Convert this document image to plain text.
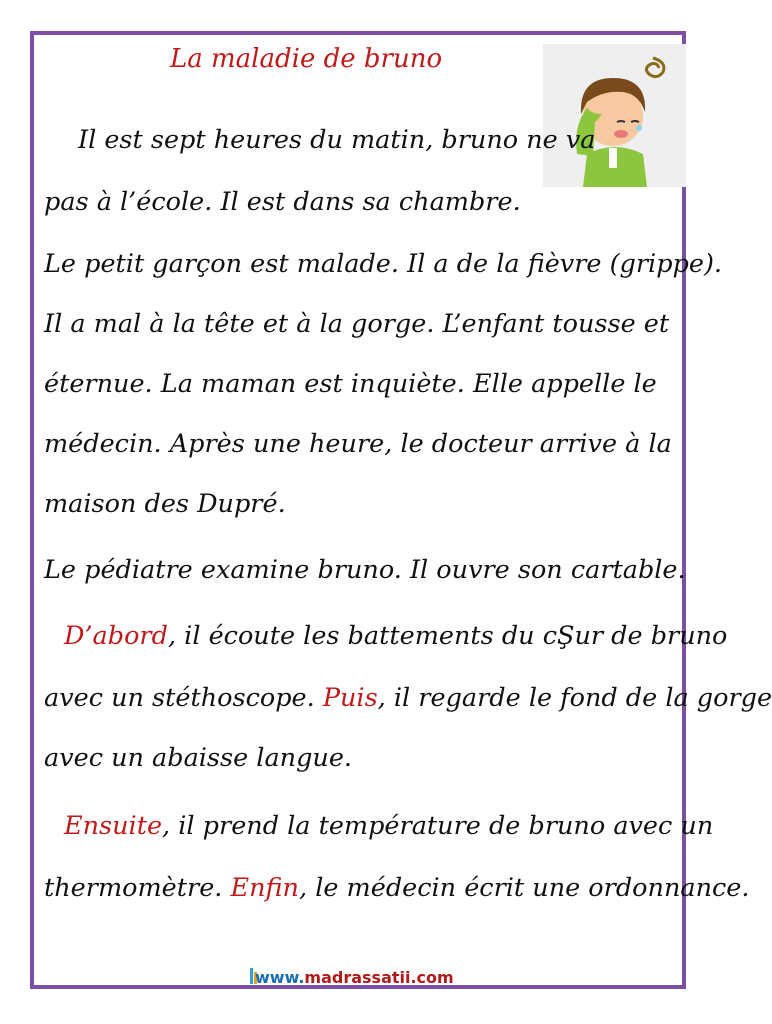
La maladie de bruno
Il est sept heures du matin, bruno ne va
pas à l’école. Il est dans sa chambre.
Le petit garçon est malade. Il a de la fièvre (grippe).
Il a mal à la tête et à la gorge. L’enfant tousse et
éternue. La maman est inquiète. Elle appelle le
médecin. Après une heure, le docteur arrive à la
maison des Dupré.
Le pédiatre examine bruno. Il ouvre son cartable.
D’abord, il écoute les battements du cŞur de bruno
avec un stéthoscope. Puis, il regarde le fond de la gorge
avec un abaisse langue.
Ensuite, il prend la température de bruno avec un
thermomètre. Enfin, le médecin écrit une ordonnance.
www.madrassatii.com
